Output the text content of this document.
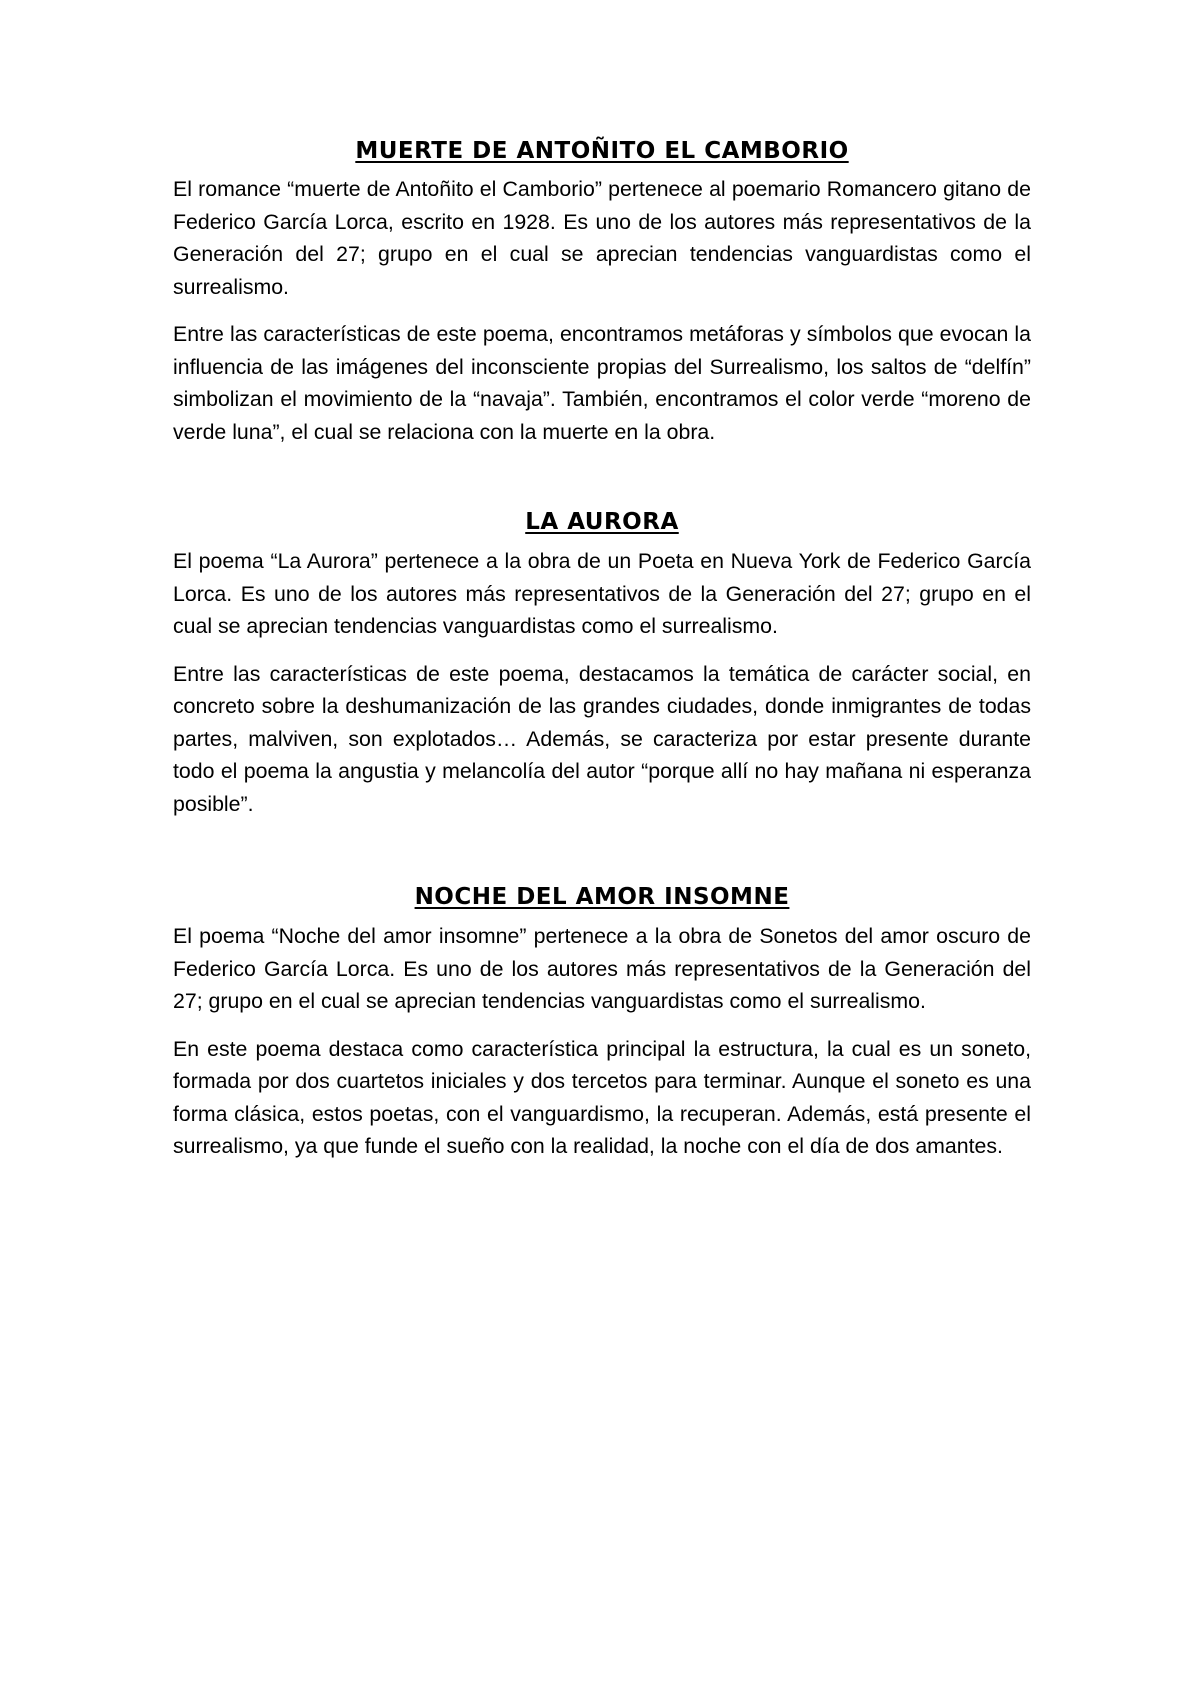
MUERTE DE ANTOÑITO EL CAMBORIO

El romance “muerte de Antoñito el Camborio” pertenece al poemario Romancero gitano de Federico García Lorca, escrito en 1928. Es uno de los autores más representativos de la Generación del 27; grupo en el cual se aprecian tendencias vanguardistas como el surrealismo.

Entre las características de este poema, encontramos metáforas y símbolos que evocan la influencia de las imágenes del inconsciente propias del Surrealismo, los saltos de “delfín” simbolizan el movimiento de la “navaja”. También, encontramos el color verde “moreno de verde luna”, el cual se relaciona con la muerte en la obra.

LA AURORA

El poema “La Aurora” pertenece a la obra de un Poeta en Nueva York de Federico García Lorca. Es uno de los autores más representativos de la Generación del 27; grupo en el cual se aprecian tendencias vanguardistas como el surrealismo.

Entre las características de este poema, destacamos la temática de carácter social, en concreto sobre la deshumanización de las grandes ciudades, donde inmigrantes de todas partes, malviven, son explotados… Además, se caracteriza por estar presente durante todo el poema la angustia y melancolía del autor “porque allí no hay mañana ni esperanza posible”.

NOCHE DEL AMOR INSOMNE

El poema “Noche del amor insomne” pertenece a la obra de Sonetos del amor oscuro de Federico García Lorca. Es uno de los autores más representativos de la Generación del 27; grupo en el cual se aprecian tendencias vanguardistas como el surrealismo.

En este poema destaca como característica principal la estructura, la cual es un soneto, formada por dos cuartetos iniciales y dos tercetos para terminar. Aunque el soneto es una forma clásica, estos poetas, con el vanguardismo, la recuperan. Además, está presente el surrealismo, ya que funde el sueño con la realidad, la noche con el día de dos amantes.
